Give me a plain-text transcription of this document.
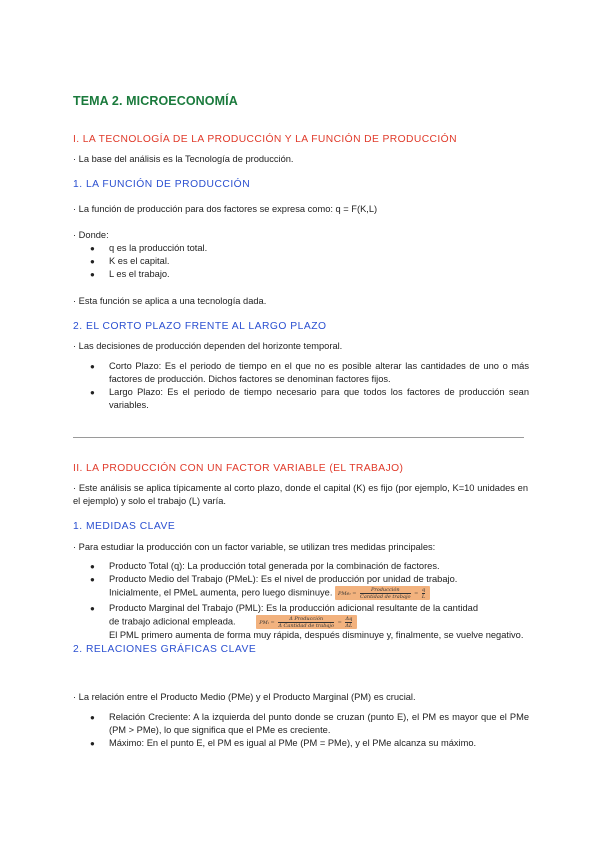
TEMA 2. MICROECONOMÍA
I. LA TECNOLOGÍA DE LA PRODUCCIÓN Y LA FUNCIÓN DE PRODUCCIÓN
· La base del análisis es la Tecnología de producción.
1. LA FUNCIÓN DE PRODUCCIÓN
· La función de producción para dos factores se expresa como: q = F(K,L)
· Donde:
● q es la producción total.
● K es el capital.
● L es el trabajo.
· Esta función se aplica a una tecnología dada.
2. EL CORTO PLAZO FRENTE AL LARGO PLAZO
· Las decisiones de producción dependen del horizonte temporal.
● Corto Plazo: Es el periodo de tiempo en el que no es posible alterar las cantidades de uno o más factores de producción. Dichos factores se denominan factores fijos.
● Largo Plazo: Es el periodo de tiempo necesario para que todos los factores de producción sean variables.
II. LA PRODUCCIÓN CON UN FACTOR VARIABLE (EL TRABAJO)
· Este análisis se aplica típicamente al corto plazo, donde el capital (K) es fijo (por ejemplo, K=10 unidades en el ejemplo) y solo el trabajo (L) varía.
1. MEDIDAS CLAVE
· Para estudiar la producción con un factor variable, se utilizan tres medidas principales:
● Producto Total (q): La producción total generada por la combinación de factores.
● Producto Medio del Trabajo (PMeL): Es el nivel de producción por unidad de trabajo.
Inicialmente, el PMeL aumenta, pero luego disminuye. $PMe_l = \frac{\text{Producción}}{\text{Cantidad de trabajo}} = \frac{q}{L}$
● Producto Marginal del Trabajo (PML): Es la producción adicional resultante de la cantidad
de trabajo adicional empleada.	$PM_l = \frac{\text{Δ Producción}}{\text{Δ Cantidad de trabajo}} = \frac{\Delta q}{\Delta L}$
El PML primero aumenta de forma muy rápida, después disminuye y, finalmente, se vuelve negativo.
2. RELACIONES GRÁFICAS CLAVE
· La relación entre el Producto Medio (PMe) y el Producto Marginal (PM) es crucial.
● Relación Creciente: A la izquierda del punto donde se cruzan (punto E), el PM es mayor que el PMe (PM > PMe), lo que significa que el PMe es creciente.
● Máximo: En el punto E, el PM es igual al PMe (PM = PMe), y el PMe alcanza su máximo.
